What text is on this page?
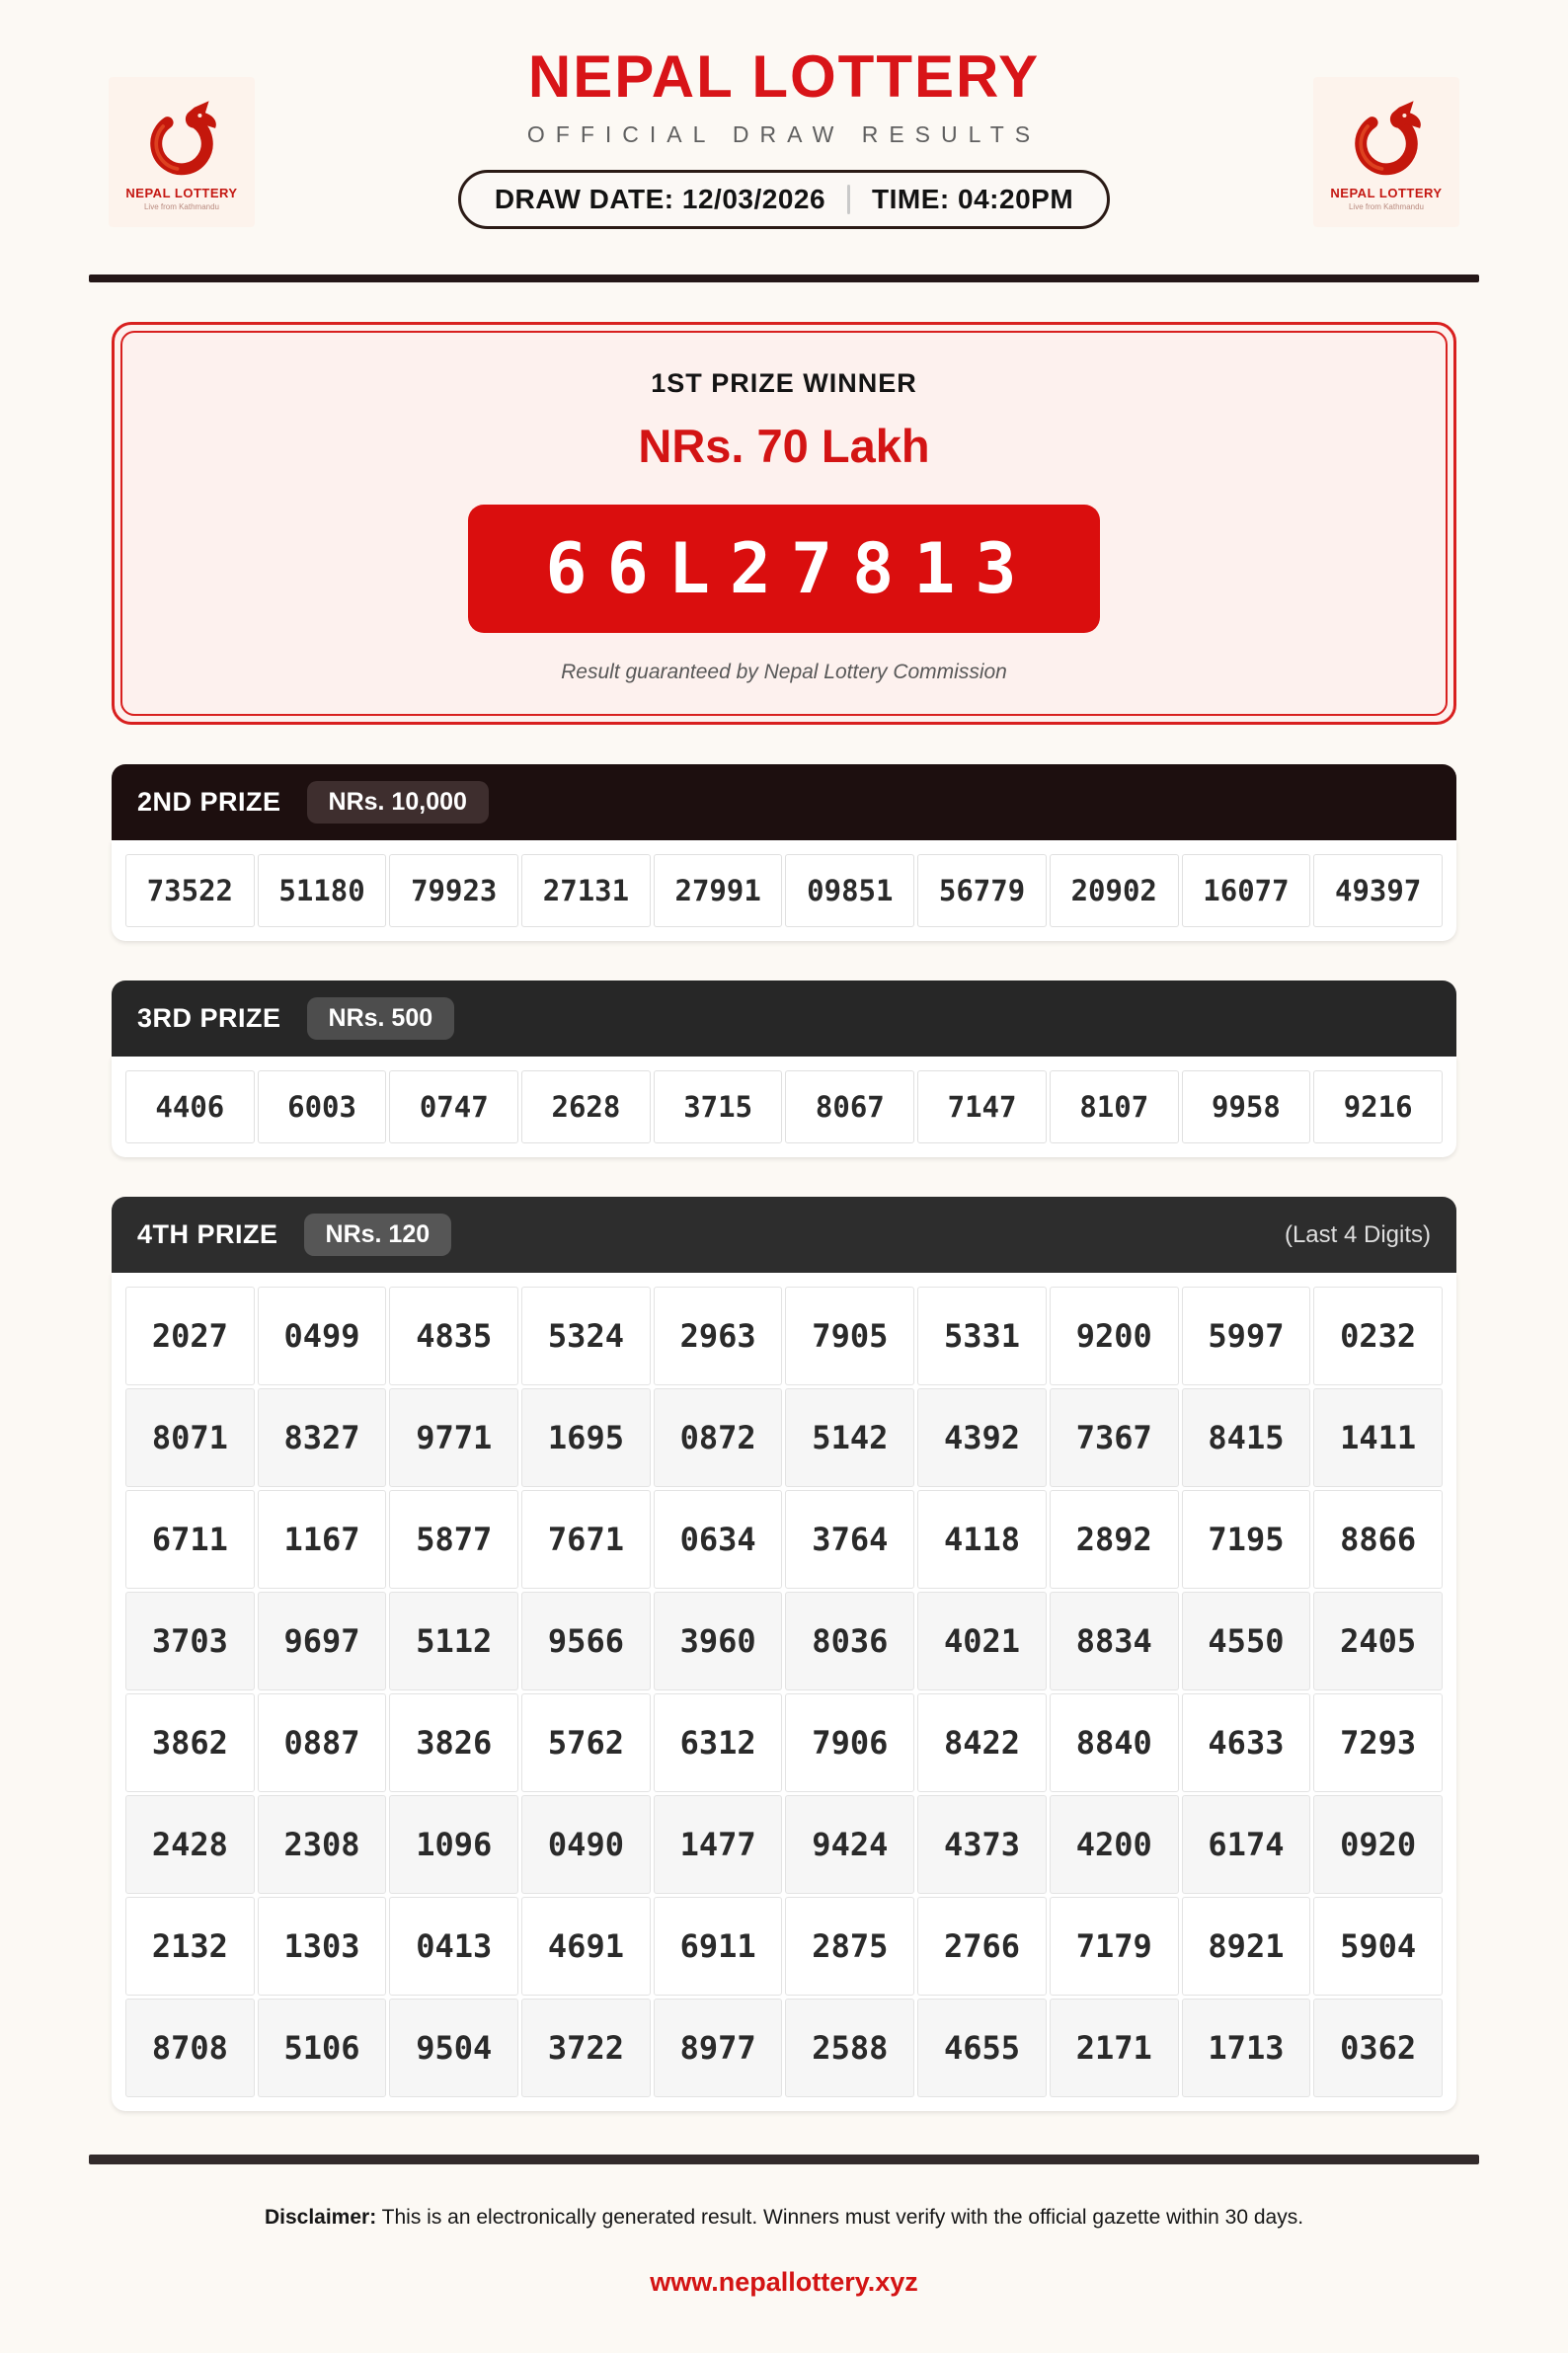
NEPAL LOTTERY
Live from Kathmandu
NEPAL LOTTERY
Live from Kathmandu
NEPAL LOTTERY
OFFICIAL DRAW RESULTS
DRAW DATE: 12/03/2026 TIME: 04:20PM
1ST PRIZE WINNER
NRs. 70 Lakh
66L27813
Result guaranteed by Nepal Lottery Commission
2ND PRIZE	NRs. 10,000
73522	51180	79923	27131	27991	09851	56779	20902	16077	49397
3RD PRIZE	NRs. 500
4406	6003	0747	2628	3715	8067	7147	8107	9958	9216
4TH PRIZE	NRs. 120	(Last 4 Digits)
2027	0499	4835	5324	2963	7905	5331	9200	5997	0232
8071	8327	9771	1695	0872	5142	4392	7367	8415	1411
6711	1167	5877	7671	0634	3764	4118	2892	7195	8866
3703	9697	5112	9566	3960	8036	4021	8834	4550	2405
3862	0887	3826	5762	6312	7906	8422	8840	4633	7293
2428	2308	1096	0490	1477	9424	4373	4200	6174	0920
2132	1303	0413	4691	6911	2875	2766	7179	8921	5904
8708	5106	9504	3722	8977	2588	4655	2171	1713	0362
Disclaimer: This is an electronically generated result. Winners must verify with the official gazette within 30 days.
www.nepallottery.xyz
